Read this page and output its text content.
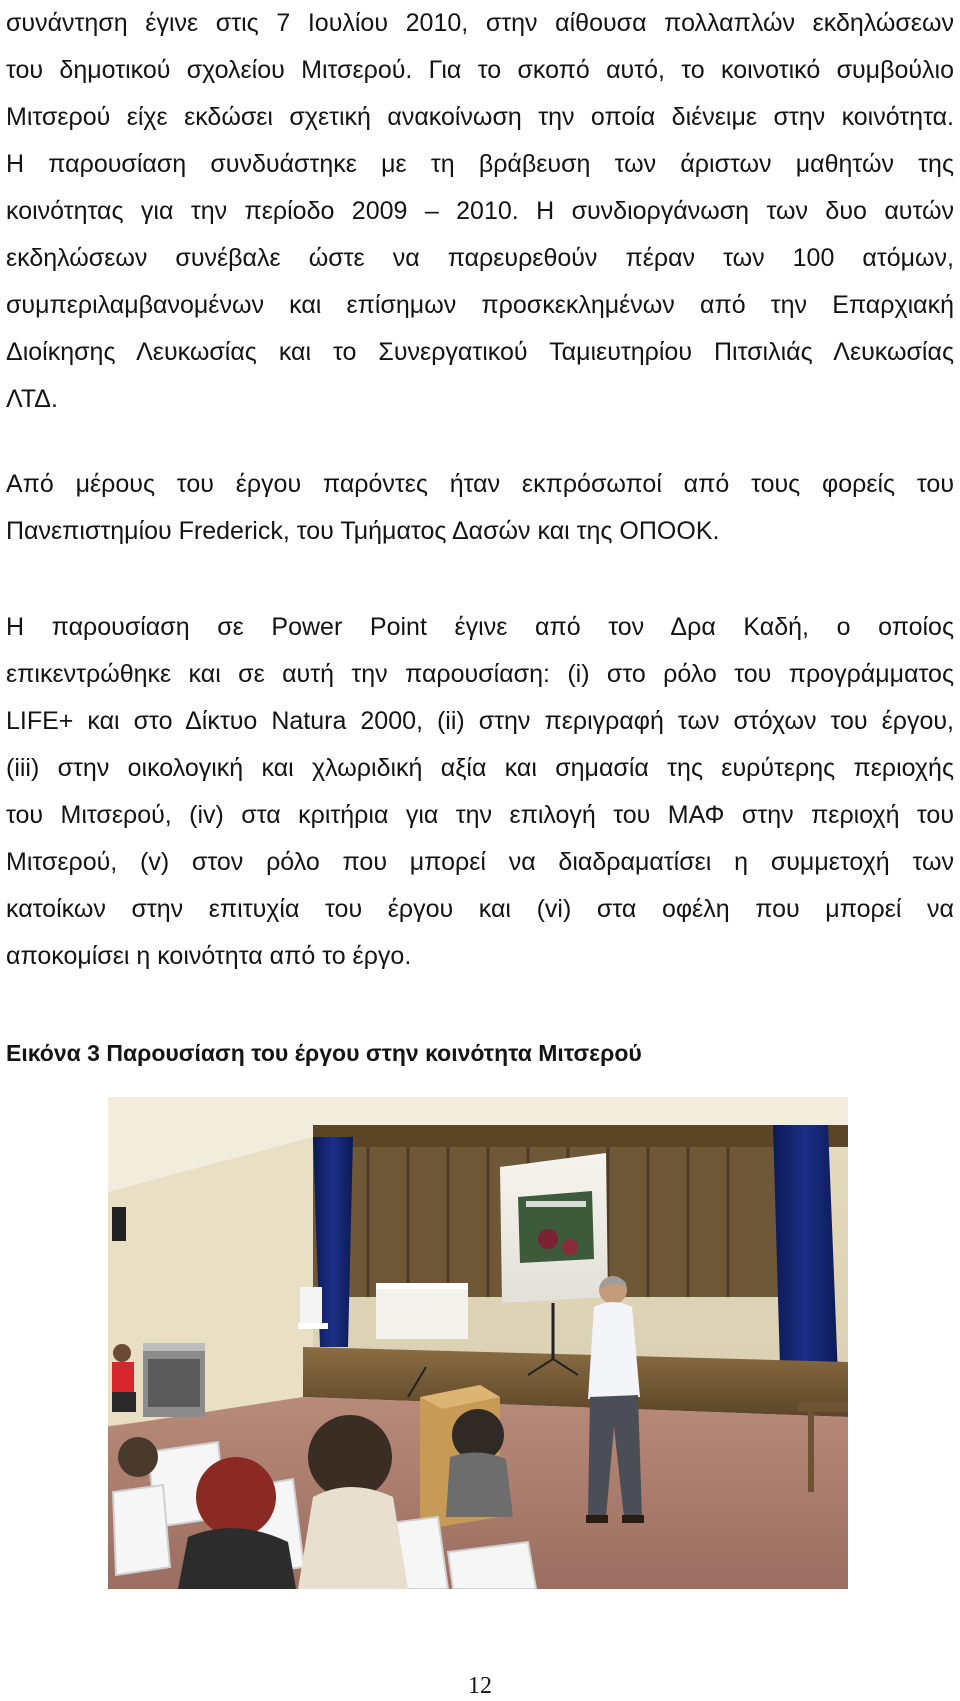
συνάντηση έγινε στις 7 Ιουλίου 2010, στην αίθουσα πολλαπλών εκδηλώσεων
του δημοτικού σχολείου Μιτσερού. Για το σκοπό αυτό, το κοινοτικό συμβούλιο
Μιτσερού είχε εκδώσει σχετική ανακοίνωση την οποία διένειμε στην κοινότητα.
Η παρουσίαση συνδυάστηκε με τη βράβευση των άριστων μαθητών της
κοινότητας για την περίοδο 2009 – 2010. Η συνδιοργάνωση των δυο αυτών
εκδηλώσεων συνέβαλε ώστε να παρευρεθούν πέραν των 100 ατόμων,
συμπεριλαμβανομένων και επίσημων προσκεκλημένων από την Επαρχιακή
Διοίκησης Λευκωσίας και το Συνεργατικού Ταμιευτηρίου Πιτσιλιάς Λευκωσίας
ΛΤΔ.
Από μέρους του έργου παρόντες ήταν εκπρόσωποί από τους φορείς του
Πανεπιστημίου Frederick, του Τμήματος Δασών και της ΟΠΟΟΚ.
Η παρουσίαση σε Power Point έγινε από τον Δρα Καδή, ο οποίος
επικεντρώθηκε και σε αυτή την παρουσίαση: (i) στο ρόλο του προγράμματος
LIFE+ και στο Δίκτυο Natura 2000, (ii) στην περιγραφή των στόχων του έργου,
(iii) στην οικολογική και χλωριδική αξία και σημασία της ευρύτερης περιοχής
του Μιτσερού, (iv) στα κριτήρια για την επιλογή του ΜΑΦ στην περιοχή του
Μιτσερού, (v) στον ρόλο που μπορεί να διαδραματίσει η συμμετοχή των
κατοίκων στην επιτυχία του έργου και (vi) στα οφέλη που μπορεί να
αποκομίσει η κοινότητα από το έργο.
Εικόνα 3 Παρουσίαση του έργου στην κοινότητα Μιτσερού
12
